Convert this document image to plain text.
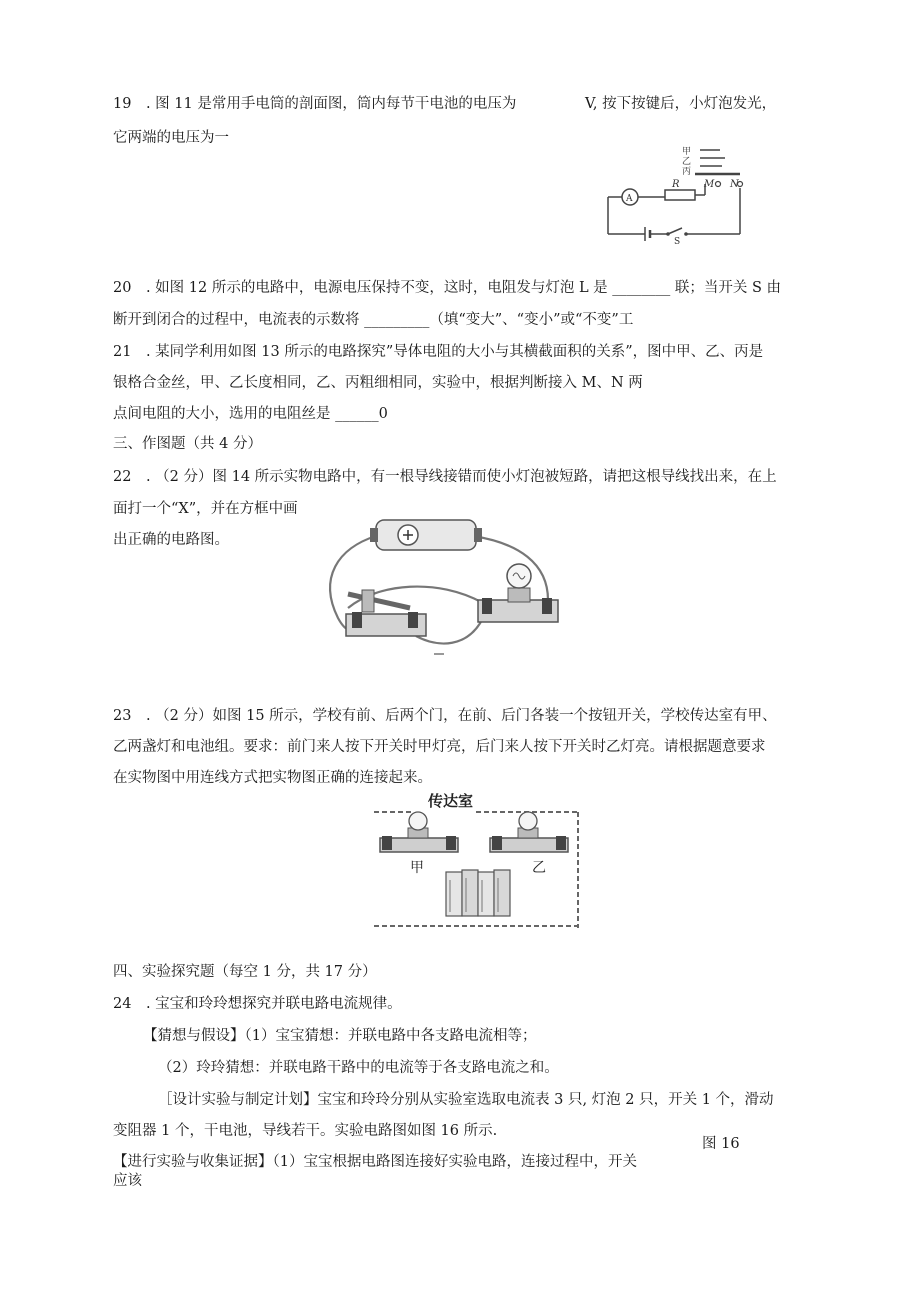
19　. 图 11 是常用手电筒的剖面图，筒内每节干电池的电压为	V, 按下按键后，小灯泡发光，
它两端的电压为一
甲
乙
丙
R M N
A
S
20　. 如图 12 所示的电路中，电源电压保持不变，这时，电阻发与灯泡 L 是 ________ 联；当开关 S 由
断开到闭合的过程中，电流表的示数将 _________（填“变大”、“变小”或“不变”工
21　. 某同学利用如图 13 所示的电路探究”导体电阻的大小与其横截面积的关系”，图中甲、乙、丙是
银格合金丝，甲、乙长度相同，乙、丙粗细相同，实验中，根据判断接入 M、N 两
点间电阻的大小，选用的电阻丝是 ______0
三、作图题（共 4 分）
22　. （2 分）图 14 所示实物电路中，有一根导线接错而使小灯泡被短路，请把这根导线找出来，在上
面打一个“X”，并在方框中画
出正确的电路图。
23　. （2 分）如图 15 所示，学校有前、后两个门，在前、后门各装一个按钮开关，学校传达室有甲、
乙两盏灯和电池组。要求：前门来人按下开关时甲灯亮，后门来人按下开关时乙灯亮。请根据题意要求
在实物图中用连线方式把实物图正确的连接起来。
传达室
甲	乙
四、实验探究题（每空 1 分，共 17 分）
24　. 宝宝和玲玲想探究并联电路电流规律。
【猜想与假设】（1）宝宝猜想：并联电路中各支路电流相等；
（2）玲玲猜想：并联电路干路中的电流等于各支路电流之和。
［设计实验与制定计划】宝宝和玲玲分别从实验室选取电流表 3 只, 灯泡 2 只，开关 1 个，滑动
变阻器 1 个，干电池，导线若干。实验电路图如图 16 所示.
图 16
【进行实验与收集证据】（1）宝宝根据电路图连接好实验电路，连接过程中，开关
应该
